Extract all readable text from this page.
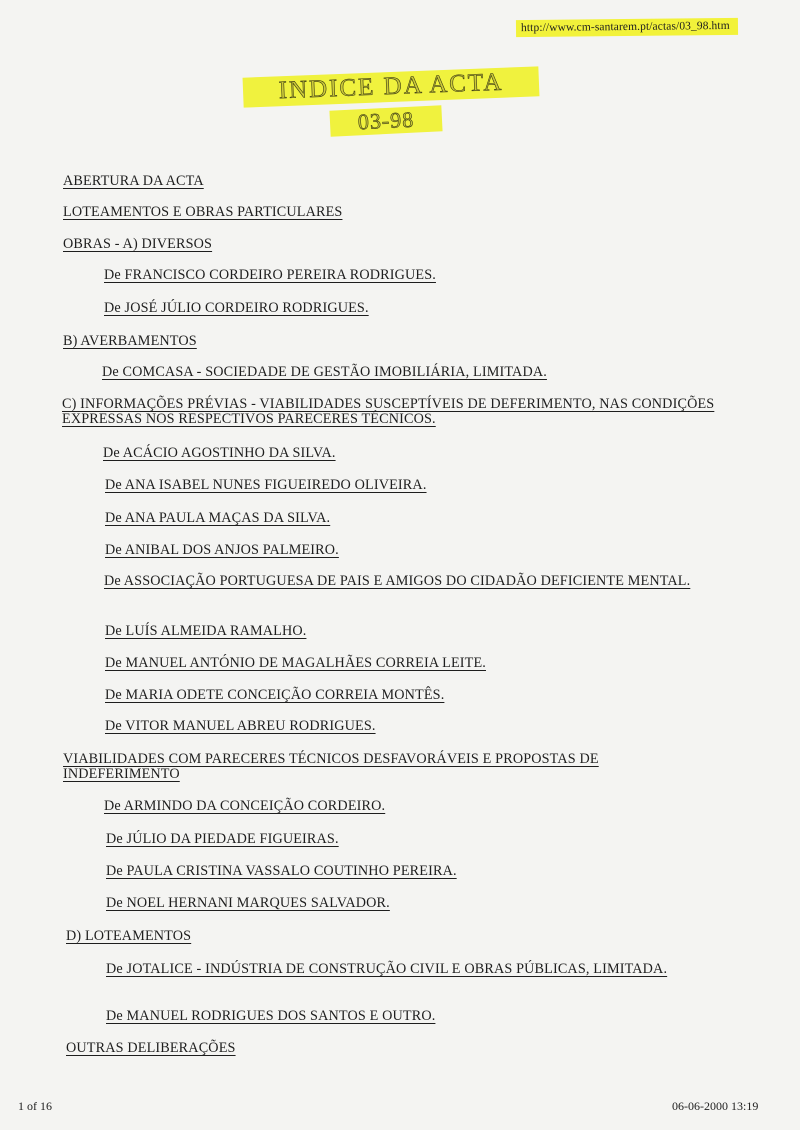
http://www.cm-santarem.pt/actas/03_98.htm
INDICE DA ACTA
03-98
ABERTURA DA ACTA
LOTEAMENTOS E OBRAS PARTICULARES
OBRAS - A) DIVERSOS
De FRANCISCO CORDEIRO PEREIRA RODRIGUES.
De JOSÉ JÚLIO CORDEIRO RODRIGUES.
B) AVERBAMENTOS
De COMCASA - SOCIEDADE DE GESTÃO IMOBILIÁRIA, LIMITADA.
C) INFORMAÇÕES PRÉVIAS - VIABILIDADES SUSCEPTÍVEIS DE DEFERIMENTO, NAS CONDIÇÕES EXPRESSAS NOS RESPECTIVOS PARECERES TÉCNICOS.
De ACÁCIO AGOSTINHO DA SILVA.
De ANA ISABEL NUNES FIGUEIREDO OLIVEIRA.
De ANA PAULA MAÇAS DA SILVA.
De ANIBAL DOS ANJOS PALMEIRO.
De ASSOCIAÇÃO PORTUGUESA DE PAIS E AMIGOS DO CIDADÃO DEFICIENTE MENTAL.
De LUÍS ALMEIDA RAMALHO.
De MANUEL ANTÓNIO DE MAGALHÃES CORREIA LEITE.
De MARIA ODETE CONCEIÇÃO CORREIA MONTÊS.
De VITOR MANUEL ABREU RODRIGUES.
VIABILIDADES COM PARECERES TÉCNICOS DESFAVORÁVEIS E PROPOSTAS DE INDEFERIMENTO
De ARMINDO DA CONCEIÇÃO CORDEIRO.
De JÚLIO DA PIEDADE FIGUEIRAS.
De PAULA CRISTINA VASSALO COUTINHO PEREIRA.
De NOEL HERNANI MARQUES SALVADOR.
D) LOTEAMENTOS
De JOTALICE - INDÚSTRIA DE CONSTRUÇÃO CIVIL E OBRAS PÚBLICAS, LIMITADA.
De MANUEL RODRIGUES DOS SANTOS E OUTRO.
OUTRAS DELIBERAÇÕES
1 of 16	06-06-2000 13:19
